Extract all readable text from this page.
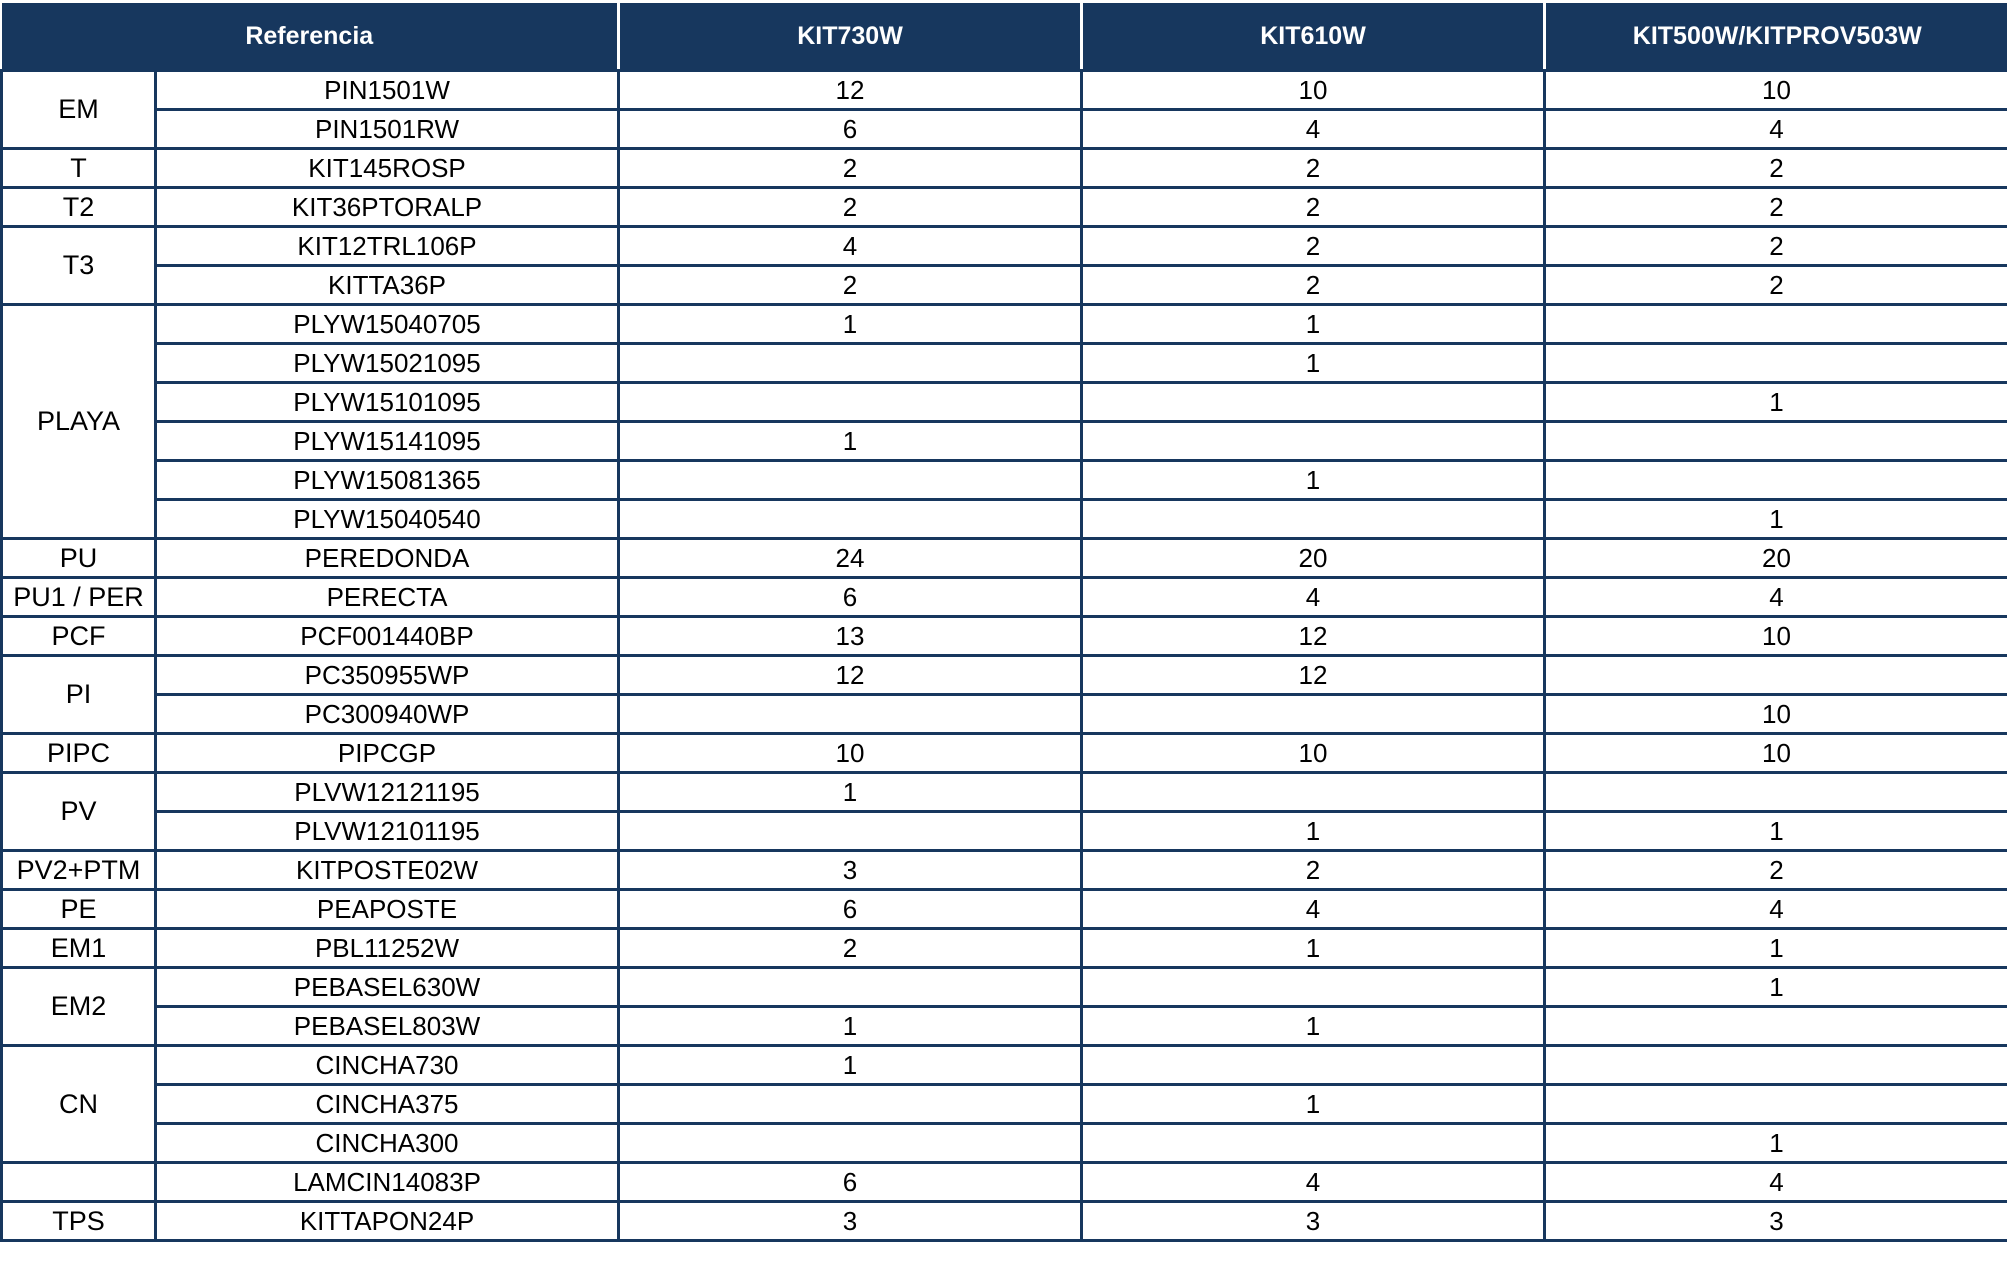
Referencia		KIT730W	KIT610W	KIT500W/KITPROV503W
EM	PIN1501W	12	10	10
	PIN1501RW	6	4	4
T	KIT145ROSP	2	2	2
T2	KIT36PTORALP	2	2	2
T3	KIT12TRL106P	4	2	2
	KITTA36P	2	2	2
PLAYA	PLYW15040705	1	1	
	PLYW15021095		1	
	PLYW15101095			1
	PLYW15141095	1		
	PLYW15081365		1	
	PLYW15040540			1
PU	PEREDONDA	24	20	20
PU1 / PER	PERECTA	6	4	4
PCF	PCF001440BP	13	12	10
PI	PC350955WP	12	12	
	PC300940WP			10
PIPC	PIPCGP	10	10	10
PV	PLVW12121195	1		
	PLVW12101195		1	1
PV2+PTM	KITPOSTE02W	3	2	2
PE	PEAPOSTE	6	4	4
EM1	PBL11252W	2	1	1
EM2	PEBASEL630W			1
	PEBASEL803W	1	1	
CN	CINCHA730	1		
	CINCHA375		1	
	CINCHA300			1
	LAMCIN14083P	6	4	4
TPS	KITTAPON24P	3	3	3
